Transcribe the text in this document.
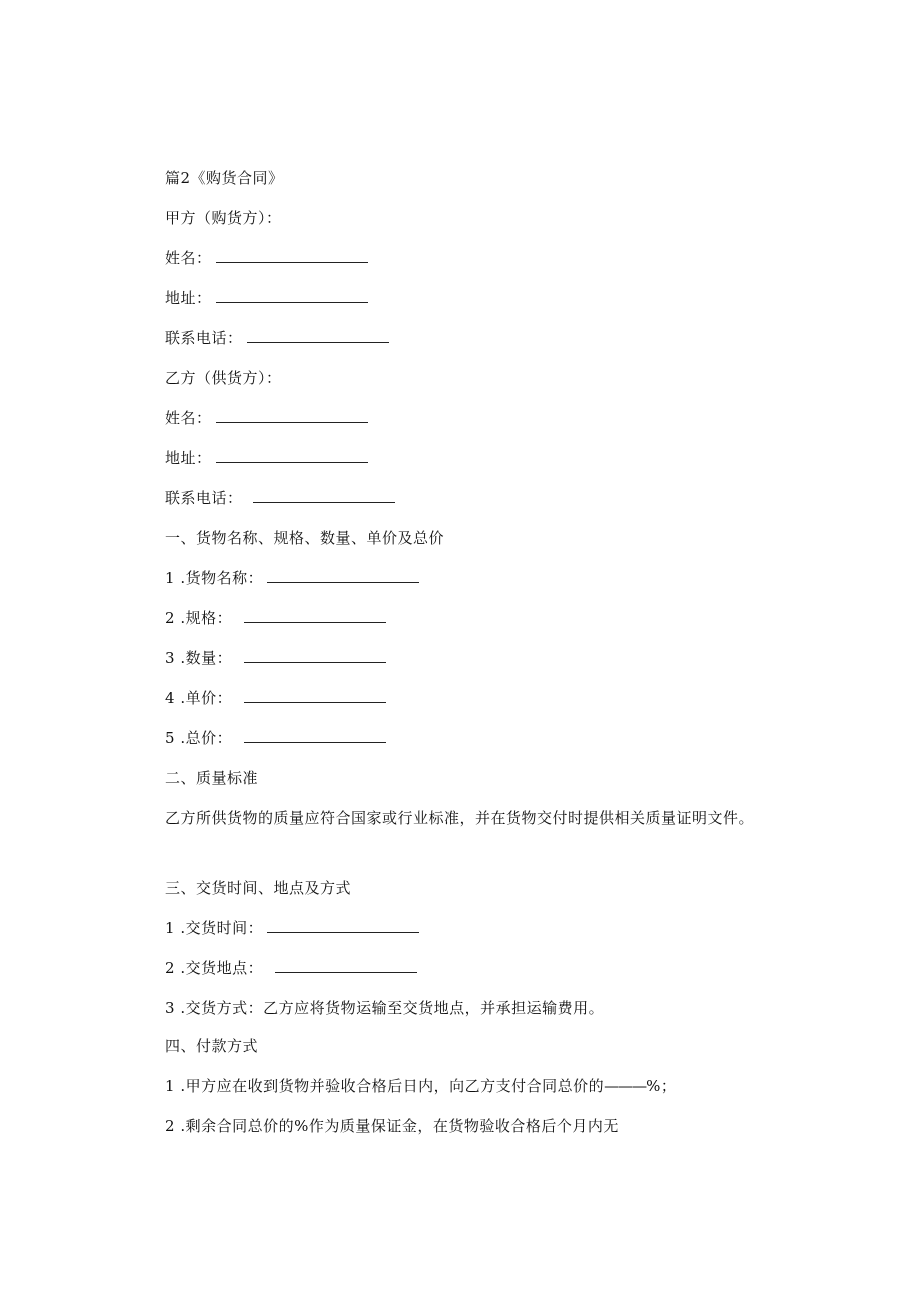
篇2《购货合同》
甲方（购货方）：
姓名：
地址：
联系电话：
乙方（供货方）：
姓名：
地址：
联系电话：
一、货物名称、规格、数量、单价及总价
1 .货物名称：
2 .规格：
3 .数量：
4 .单价：
5 .总价：
二、质量标准
乙方所供货物的质量应符合国家或行业标准，并在货物交付时提供相关质量证明文件。
三、交货时间、地点及方式
1 .交货时间：
2 .交货地点：
3 .交货方式：乙方应将货物运输至交货地点，并承担运输费用。
四、付款方式
1 .甲方应在收到货物并验收合格后日内，向乙方支付合同总价的———%；
2 .剩余合同总价的%作为质量保证金，在货物验收合格后个月内无
